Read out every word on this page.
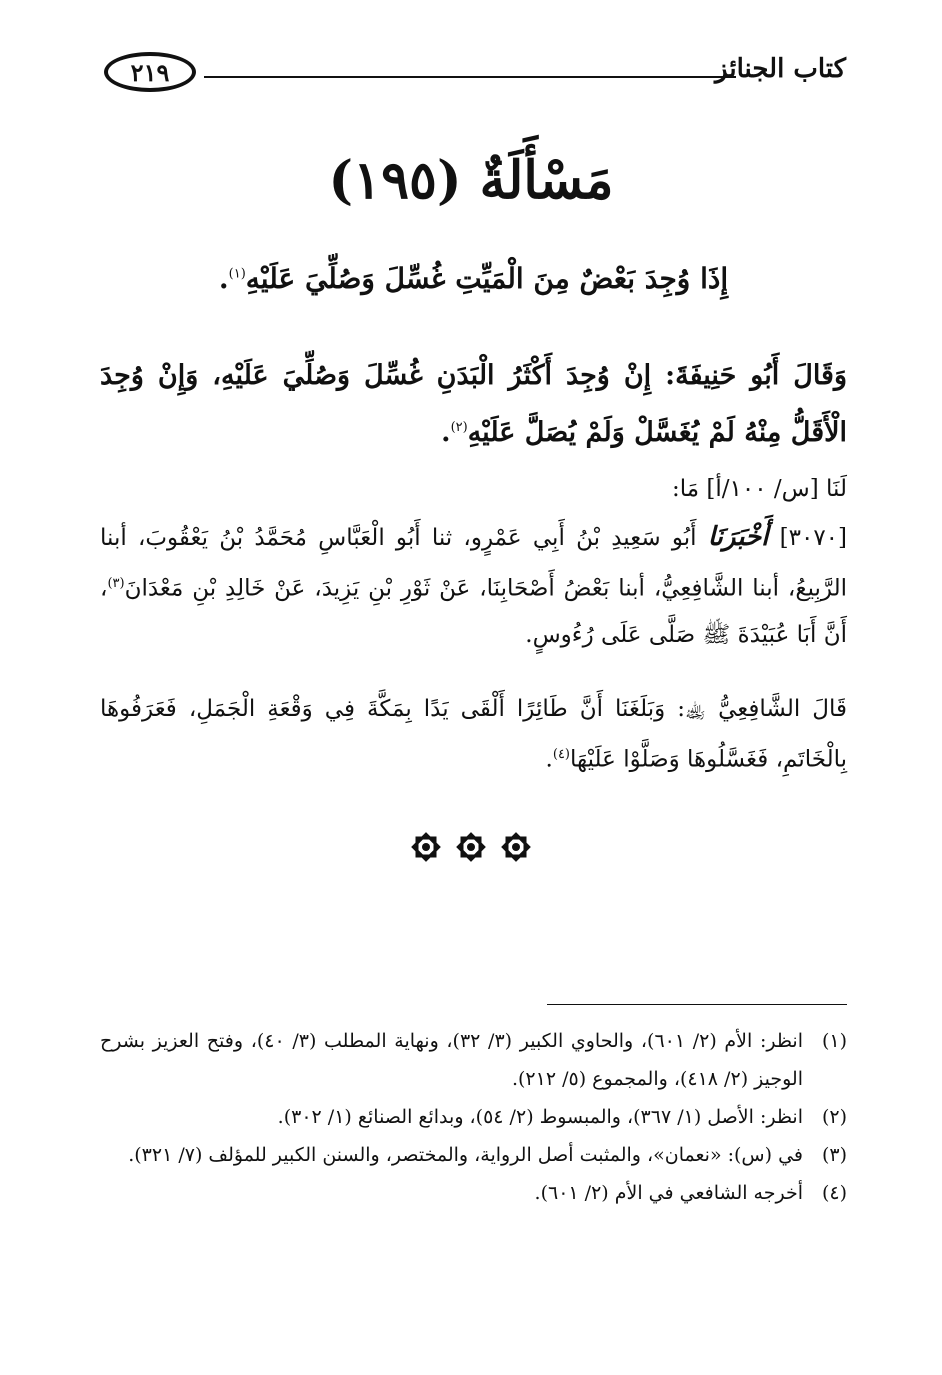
٢١٩	كتاب الجنائز
مَسْأَلَةٌ (١٩٥)
إِذَا وُجِدَ بَعْضٌ مِنَ الْمَيِّتِ غُسِّلَ وَصُلِّيَ عَلَيْهِ$^{(١)}$.
وَقَالَ أَبُو حَنِيفَةَ: إِنْ وُجِدَ أَكْثَرُ الْبَدَنِ غُسِّلَ وَصُلِّيَ عَلَيْهِ، وَإِنْ وُجِدَ الْأَقَلُّ مِنْهُ لَمْ يُغَسَّلْ وَلَمْ يُصَلَّ عَلَيْهِ$^{(٢)}$.
لَنَا [س/ ١٠٠/أ] مَا:
[٣٠٧٠] أَخْبَرَنَا أَبُو سَعِيدِ بْنُ أَبِي عَمْرٍو، ثنا أَبُو الْعَبَّاسِ مُحَمَّدُ بْنُ يَعْقُوبَ، أبنا الرَّبِيعُ، أبنا الشَّافِعِيُّ، أبنا بَعْضُ أَصْحَابِنَا، عَنْ ثَوْرِ بْنِ يَزِيدَ، عَنْ خَالِدِ بْنِ مَعْدَانَ$^{(٣)}$، أَنَّ أَبَا عُبَيْدَةَ ﷺ صَلَّى عَلَى رُءُوسٍ.
قَالَ الشَّافِعِيُّ ﵀: وَبَلَغَنَا أَنَّ طَائِرًا أَلْقَى يَدًا بِمَكَّةَ فِي وَقْعَةِ الْجَمَلِ، فَعَرَفُوهَا بِالْخَاتَمِ، فَغَسَّلُوهَا وَصَلَّوْا عَلَيْهَا$^{(٤)}$.

(١)
انظر: الأم (٢/ ٦٠١)، والحاوي الكبير (٣/ ٣٢)، ونهاية المطلب (٣/ ٤٠)، وفتح العزيز بشرح الوجيز (٢/ ٤١٨)، والمجموع (٥/ ٢١٢).
(٢)
انظر: الأصل (١/ ٣٦٧)، والمبسوط (٢/ ٥٤)، وبدائع الصنائع (١/ ٣٠٢).
(٣)
في (س): «نعمان»، والمثبت أصل الرواية، والمختصر، والسنن الكبير للمؤلف (٧/ ٣٢١).
(٤)
أخرجه الشافعي في الأم (٢/ ٦٠١).
